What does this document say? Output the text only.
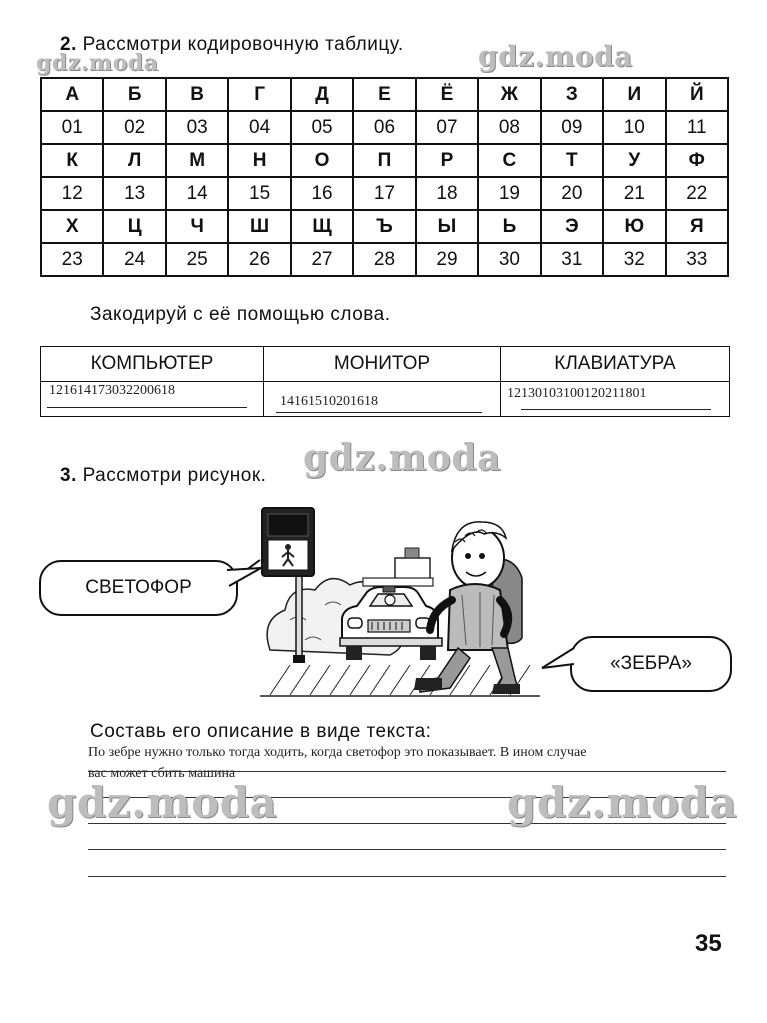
2. Рассмотри кодировочную таблицу.
А	Б	В	Г	Д	Е	Ё	Ж	З	И	Й
01	02	03	04	05	06	07	08	09	10	11
К	Л	М	Н	О	П	Р	С	Т	У	Ф
12	13	14	15	16	17	18	19	20	21	22
Х	Ц	Ч	Ш	Щ	Ъ	Ы	Ь	Э	Ю	Я
23	24	25	26	27	28	29	30	31	32	33
Закодируй с её помощью слова.
КОМПЬЮТЕР	МОНИТОР	КЛАВИАТУРА

121614173032200618	14161510201618	12130103100120211801
3. Рассмотри рисунок.
СВЕТОФОР
«ЗЕБРА»
Составь его описание в виде текста:
По зебре нужно только тогда ходить, когда светофор это показывает. В ином случае
вас может сбить машина
gdz.moda	gdz.moda
gdz.moda
gdz.moda	gdz.moda
35
